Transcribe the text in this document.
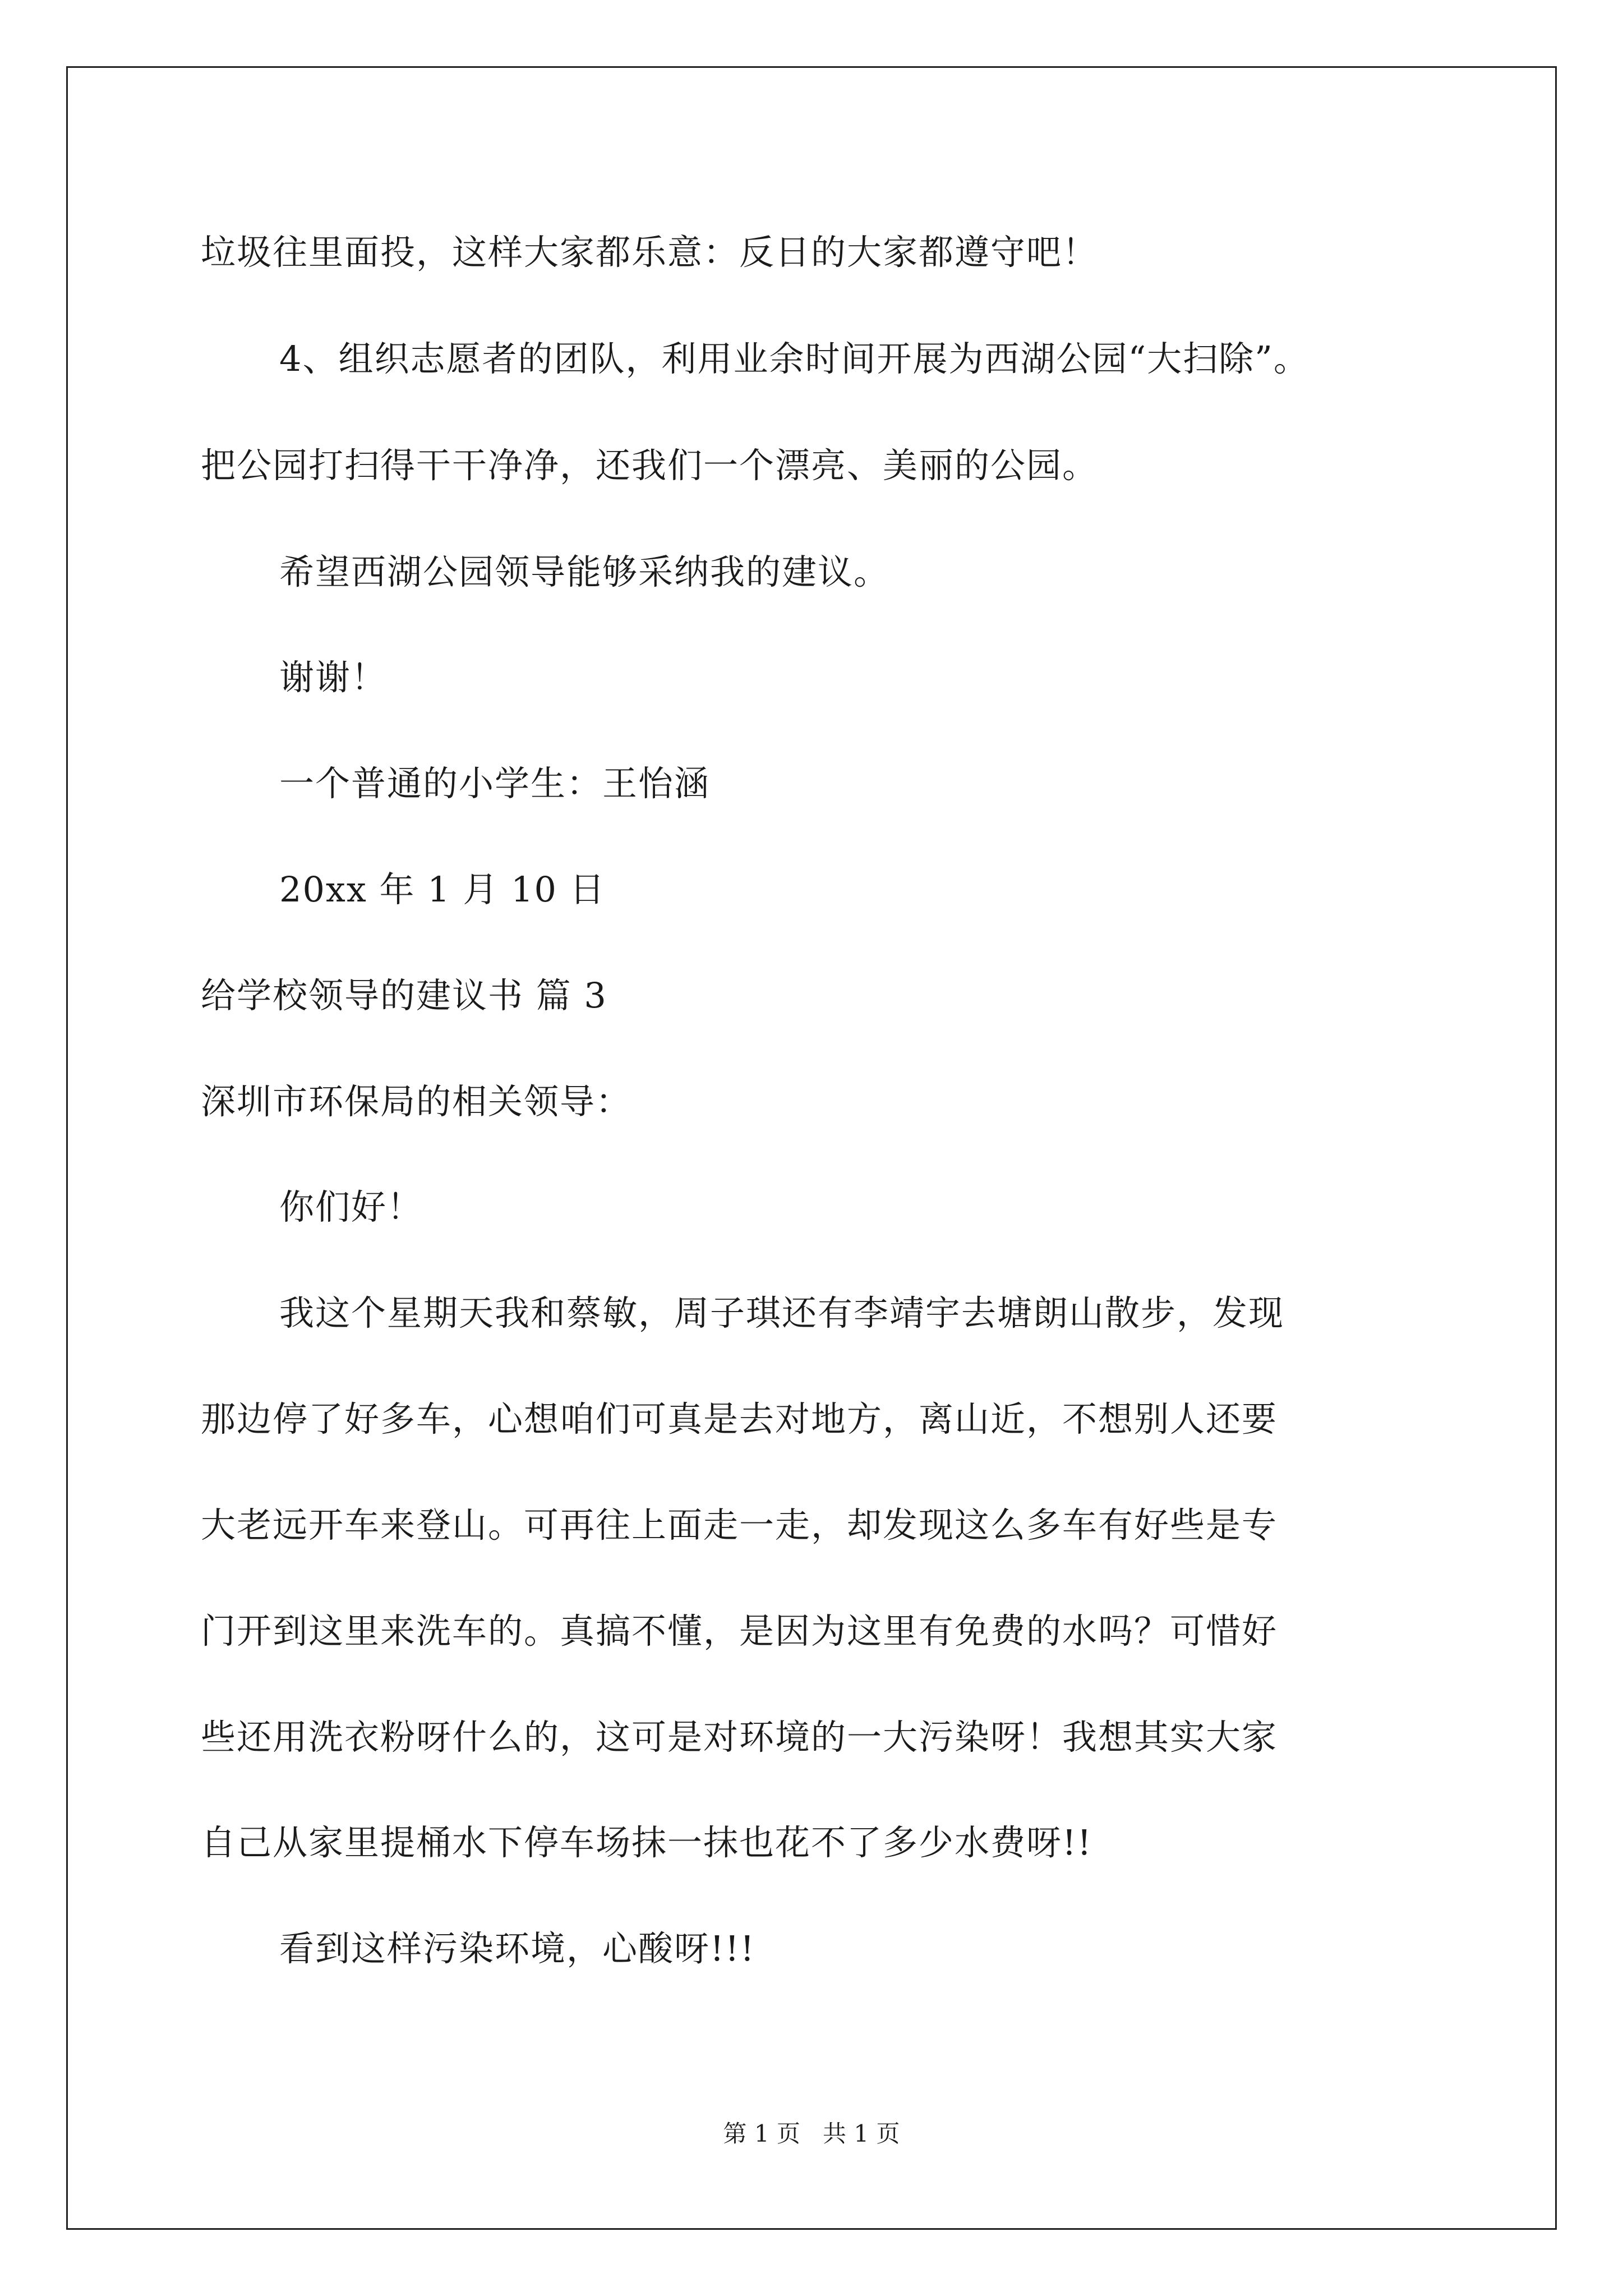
垃圾往里面投，这样大家都乐意：反日的大家都遵守吧！
4、组织志愿者的团队，利用业余时间开展为西湖公园“大扫除”。
把公园打扫得干干净净，还我们一个漂亮、美丽的公园。
希望西湖公园领导能够采纳我的建议。
谢谢！
一个普通的小学生：王怡涵
20xx 年 1 月 10 日
给学校领导的建议书 篇 3
深圳市环保局的相关领导：
你们好！
我这个星期天我和蔡敏，周子琪还有李靖宇去塘朗山散步，发现
那边停了好多车，心想咱们可真是去对地方，离山近，不想别人还要
大老远开车来登山。可再往上面走一走，却发现这么多车有好些是专
门开到这里来洗车的。真搞不懂，是因为这里有免费的水吗？可惜好
些还用洗衣粉呀什么的，这可是对环境的一大污染呀！我想其实大家
自己从家里提桶水下停车场抹一抹也花不了多少水费呀!!
看到这样污染环境，心酸呀!!!
第 1 页   共 1 页
